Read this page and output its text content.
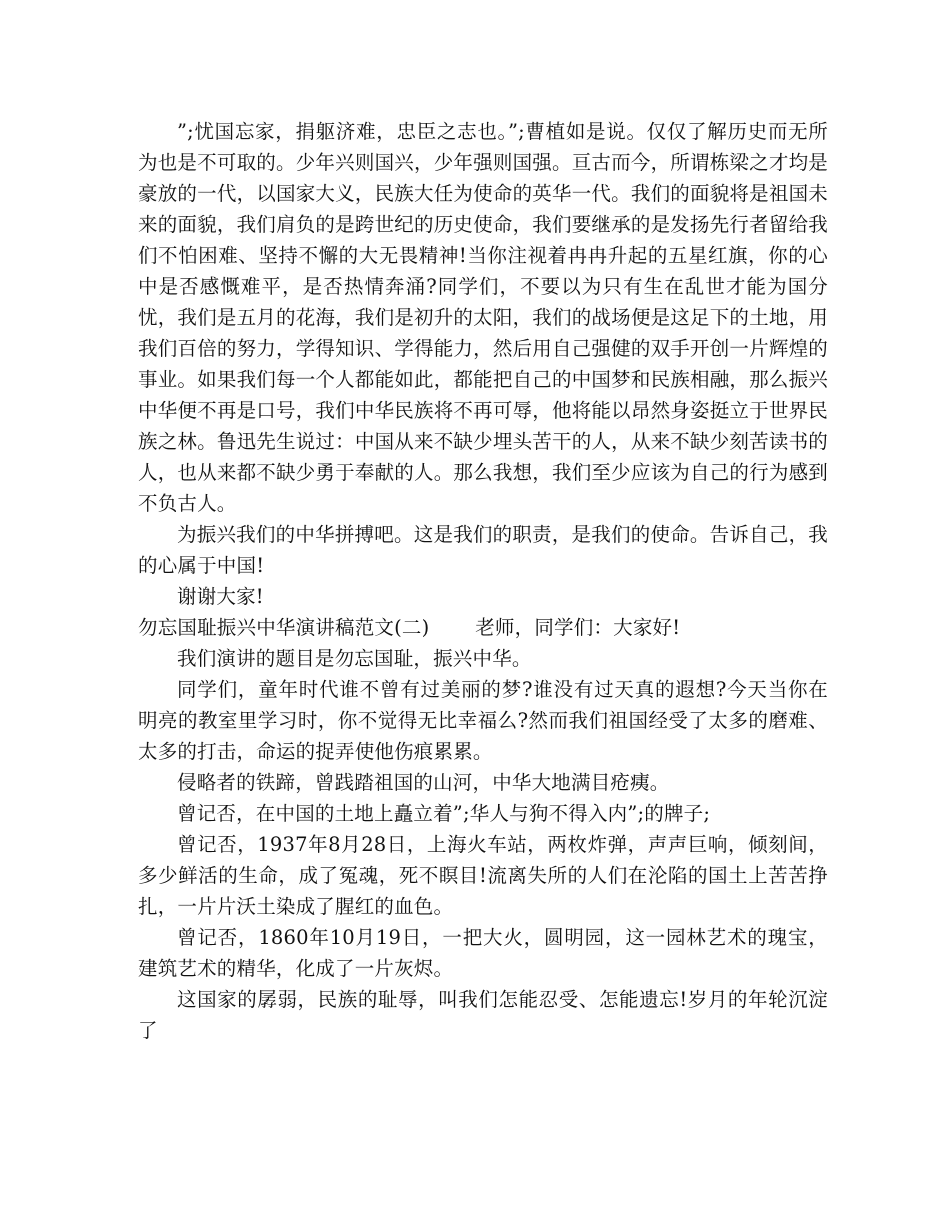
”;忧国忘家，捐躯济难，忠臣之志也。”;曹植如是说。仅仅了解历史而无所为也是不可取的。少年兴则国兴，少年强则国强。亘古而今，所谓栋梁之才均是豪放的一代，以国家大义，民族大任为使命的英华一代。我们的面貌将是祖国未来的面貌，我们肩负的是跨世纪的历史使命，我们要继承的是发扬先行者留给我们不怕困难、坚持不懈的大无畏精神!当你注视着冉冉升起的五星红旗，你的心中是否感慨难平，是否热情奔涌?同学们，不要以为只有生在乱世才能为国分忧，我们是五月的花海，我们是初升的太阳，我们的战场便是这足下的土地，用我们百倍的努力，学得知识、学得能力，然后用自己强健的双手开创一片辉煌的事业。如果我们每一个人都能如此，都能把自己的中国梦和民族相融，那么振兴中华便不再是口号，我们中华民族将不再可辱，他将能以昂然身姿挺立于世界民族之林。鲁迅先生说过：中国从来不缺少埋头苦干的人，从来不缺少刻苦读书的人，也从来都不缺少勇于奉献的人。那么我想，我们至少应该为自己的行为感到不负古人。

为振兴我们的中华拼搏吧。这是我们的职责，是我们的使命。告诉自己，我的心属于中国!

谢谢大家!

勿忘国耻振兴中华演讲稿范文(二)　　 老师，同学们：大家好!

我们演讲的题目是勿忘国耻，振兴中华。

同学们，童年时代谁不曾有过美丽的梦?谁没有过天真的遐想?今天当你在明亮的教室里学习时，你不觉得无比幸福么?然而我们祖国经受了太多的磨难、太多的打击，命运的捉弄使他伤痕累累。

侵略者的铁蹄，曾践踏祖国的山河，中华大地满目疮痍。

曾记否，在中国的土地上矗立着”;华人与狗不得入内”;的牌子;

曾记否，1937年8月28日，上海火车站，两枚炸弹，声声巨响，倾刻间，多少鲜活的生命，成了冤魂，死不瞑目!流离失所的人们在沦陷的国土上苦苦挣扎，一片片沃土染成了腥红的血色。

曾记否，1860年10月19日，一把大火，圆明园，这一园林艺术的瑰宝，建筑艺术的精华，化成了一片灰烬。

这国家的孱弱，民族的耻辱，叫我们怎能忍受、怎能遗忘!岁月的年轮沉淀了
